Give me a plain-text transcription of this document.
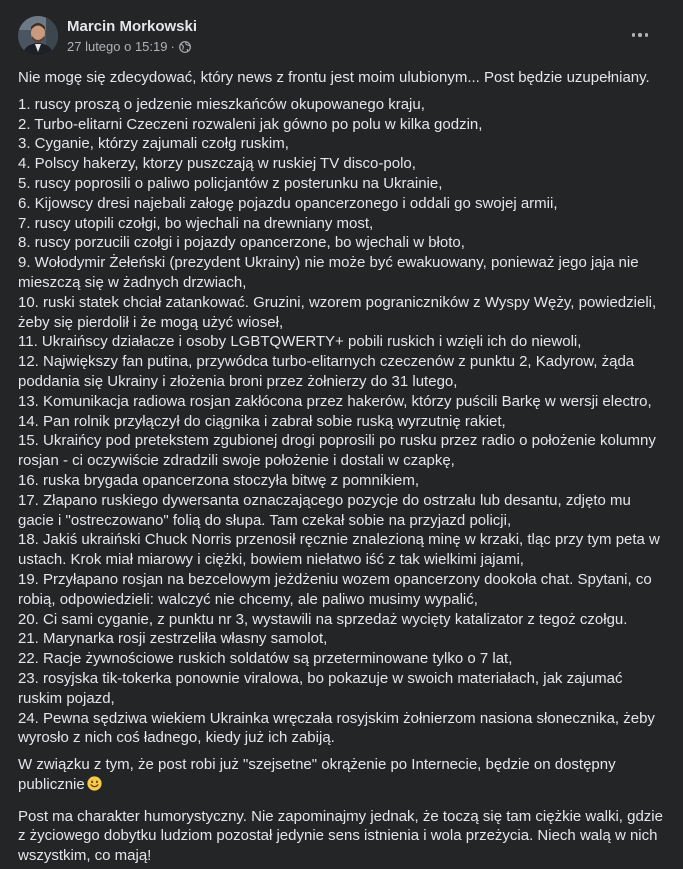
Marcin Morkowski
27 lutego o 15:19 ·

Nie mogę się zdecydować, który news z frontu jest moim ulubionym... Post będzie uzupełniany.

1. ruscy proszą o jedzenie mieszkańców okupowanego kraju,
2. Turbo-elitarni Czeczeni rozwaleni jak gówno po polu w kilka godzin,
3. Cyganie, którzy zajumali czołg ruskim,
4. Polscy hakerzy, ktorzy puszczają w ruskiej TV disco-polo,
5. ruscy poprosili o paliwo policjantów z posterunku na Ukrainie,
6. Kijowscy dresi najebali załogę pojazdu opancerzonego i oddali go swojej armii,
7. ruscy utopili czołgi, bo wjechali na drewniany most,
8. ruscy porzucili czołgi i pojazdy opancerzone, bo wjechali w błoto,
9. Wołodymir Żełeński (prezydent Ukrainy) nie może być ewakuowany, ponieważ jego jaja nie mieszczą się w żadnych drzwiach,
10. ruski statek chciał zatankować. Gruzini, wzorem pograniczników z Wyspy Węży, powiedzieli, żeby się pierdolił i że mogą użyć wioseł,
11. Ukraińscy działacze i osoby LGBTQWERTY+ pobili ruskich i wzięli ich do niewoli,
12. Największy fan putina, przywódca turbo-elitarnych czeczenów z punktu 2, Kadyrow, żąda poddania się Ukrainy i złożenia broni przez żołnierzy do 31 lutego,
13. Komunikacja radiowa rosjan zakłócona przez hakerów, którzy puścili Barkę w wersji electro,
14. Pan rolnik przyłączył do ciągnika i zabrał sobie ruską wyrzutnię rakiet,
15. Ukraińcy pod pretekstem zgubionej drogi poprosili po rusku przez radio o położenie kolumny rosjan - ci oczywiście zdradzili swoje położenie i dostali w czapkę,
16. ruska brygada opancerzona stoczyła bitwę z pomnikiem,
17. Złapano ruskiego dywersanta oznaczającego pozycje do ostrzału lub desantu, zdjęto mu gacie i "ostreczowano" folią do słupa. Tam czekał sobie na przyjazd policji,
18. Jakiś ukraiński Chuck Norris przenosił ręcznie znalezioną minę w krzaki, tląc przy tym peta w ustach. Krok miał miarowy i ciężki, bowiem niełatwo iść z tak wielkimi jajami,
19. Przyłapano rosjan na bezcelowym jeżdżeniu wozem opancerzony dookoła chat. Spytani, co robią, odpowiedzieli: walczyć nie chcemy, ale paliwo musimy wypalić,
20. Ci sami cyganie, z punktu nr 3, wystawili na sprzedaż wycięty katalizator z tegoż czołgu.
21. Marynarka rosji zestrzeliła własny samolot,
22. Racje żywnościowe ruskich soldatów są przeterminowane tylko o 7 lat,
23. rosyjska tik-tokerka ponownie viralowa, bo pokazuje w swoich materiałach, jak zajumać ruskim pojazd,
24. Pewna sędziwa wiekiem Ukrainka wręczała rosyjskim żołnierzom nasiona słonecznika, żeby wyrosło z nich coś ładnego, kiedy już ich zabiją.

W związku z tym, że post robi już "szejsetne" okrążenie po Internecie, będzie on dostępny publicznie

Post ma charakter humorystyczny. Nie zapominajmy jednak, że toczą się tam ciężkie walki, gdzie z życiowego dobytku ludziom pozostał jedynie sens istnienia i wola przeżycia. Niech walą w nich wszystkim, co mają!
